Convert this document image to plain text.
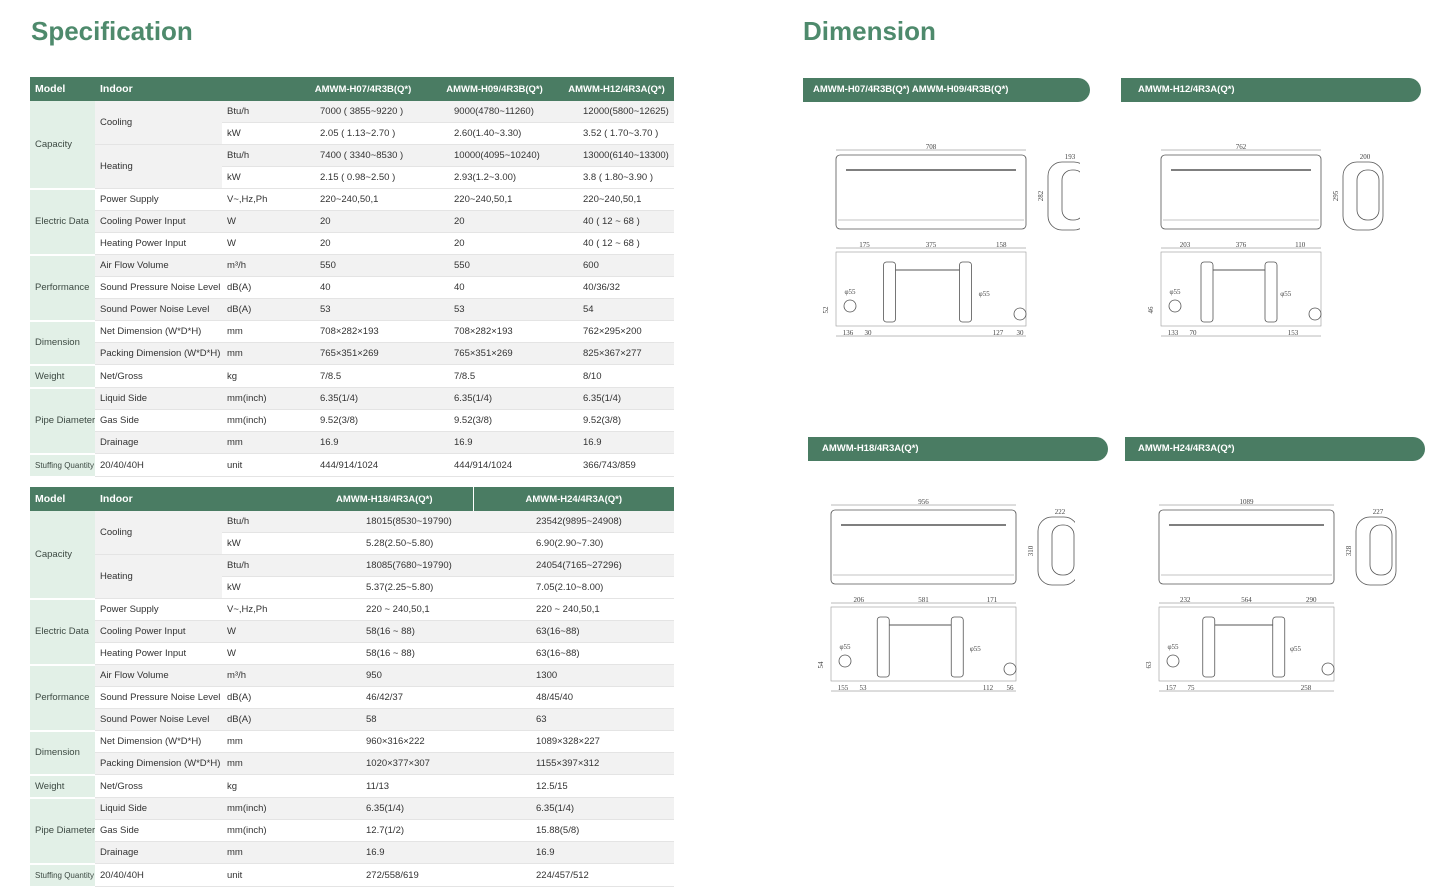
Specification	Dimension
Model	Indoor		AMWM-H07/4R3B(Q*)	AMWM-H09/4R3B(Q*)	AMWM-H12/4R3A(Q*)
Capacity	Cooling	Btu/h	7000 ( 3855~9220 )	9000(4780~11260)	12000(5800~12625)
		kW	2.05 ( 1.13~2.70 )	2.60(1.40~3.30)	3.52 ( 1.70~3.70 )
	Heating	Btu/h	7400 ( 3340~8530 )	10000(4095~10240)	13000(6140~13300)
		kW	2.15 ( 0.98~2.50 )	2.93(1.2~3.00)	3.8 ( 1.80~3.90 )
Electric Data	Power Supply	V~,Hz,Ph	220~240,50,1	220~240,50,1	220~240,50,1
	Cooling Power Input	W	20	20	40 ( 12 ~ 68 )
	Heating Power Input	W	20	20	40 ( 12 ~ 68 )
Performance	Air Flow Volume	m³/h	550	550	600
	Sound Pressure Noise Level	dB(A)	40	40	40/36/32
	Sound Power Noise Level	dB(A)	53	53	54
Dimension	Net Dimension (W*D*H)	mm	708×282×193	708×282×193	762×295×200
	Packing Dimension (W*D*H)	mm	765×351×269	765×351×269	825×367×277
Weight	Net/Gross	kg	7/8.5	7/8.5	8/10
Pipe Diameter	Liquid Side	mm(inch)	6.35(1/4)	6.35(1/4)	6.35(1/4)
	Gas Side	mm(inch)	9.52(3/8)	9.52(3/8)	9.52(3/8)
	Drainage	mm	16.9	16.9	16.9
Stuffing Quantity	20/40/40H	unit	444/914/1024	444/914/1024	366/743/859
Model	Indoor		AMWM-H18/4R3A(Q*)	AMWM-H24/4R3A(Q*)
Capacity	Cooling	Btu/h	18015(8530~19790)	23542(9895~24908)
		kW	5.28(2.50~5.80)	6.90(2.90~7.30)
	Heating	Btu/h	18085(7680~19790)	24054(7165~27296)
		kW	5.37(2.25~5.80)	7.05(2.10~8.00)
Electric Data	Power Supply	V~,Hz,Ph	220 ~ 240,50,1	220 ~ 240,50,1
	Cooling Power Input	W	58(16 ~ 88)	63(16~88)
	Heating Power Input	W	58(16 ~ 88)	63(16~88)
Performance	Air Flow Volume	m³/h	950	1300
	Sound Pressure Noise Level	dB(A)	46/42/37	48/45/40
	Sound Power Noise Level	dB(A)	58	63
Dimension	Net Dimension (W*D*H)	mm	960×316×222	1089×328×227
	Packing Dimension (W*D*H)	mm	1020×377×307	1155×397×312
Weight	Net/Gross	kg	11/13	12.5/15
Pipe Diameter	Liquid Side	mm(inch)	6.35(1/4)	6.35(1/4)
	Gas Side	mm(inch)	12.7(1/2)	15.88(5/8)
	Drainage	mm	16.9	16.9
Stuffing Quantity	20/40/40H	unit	272/558/619	224/457/512
AMWM-H07/4R3B(Q*) AMWM-H09/4R3B(Q*)	AMWM-H12/4R3A(Q*)
AMWM-H18/4R3A(Q*)	AMWM-H24/4R3A(Q*)
708
193
282
175	375	158
φ55	φ55
52
136 30	127 30
762
200
295
203	376	110
φ55	φ55
46
133 70	153
956
222
310
206	581	171
φ55	φ55
54
155 53	112 56
1089
227
328
232	564	290
φ55	φ55
63
157 75	258
